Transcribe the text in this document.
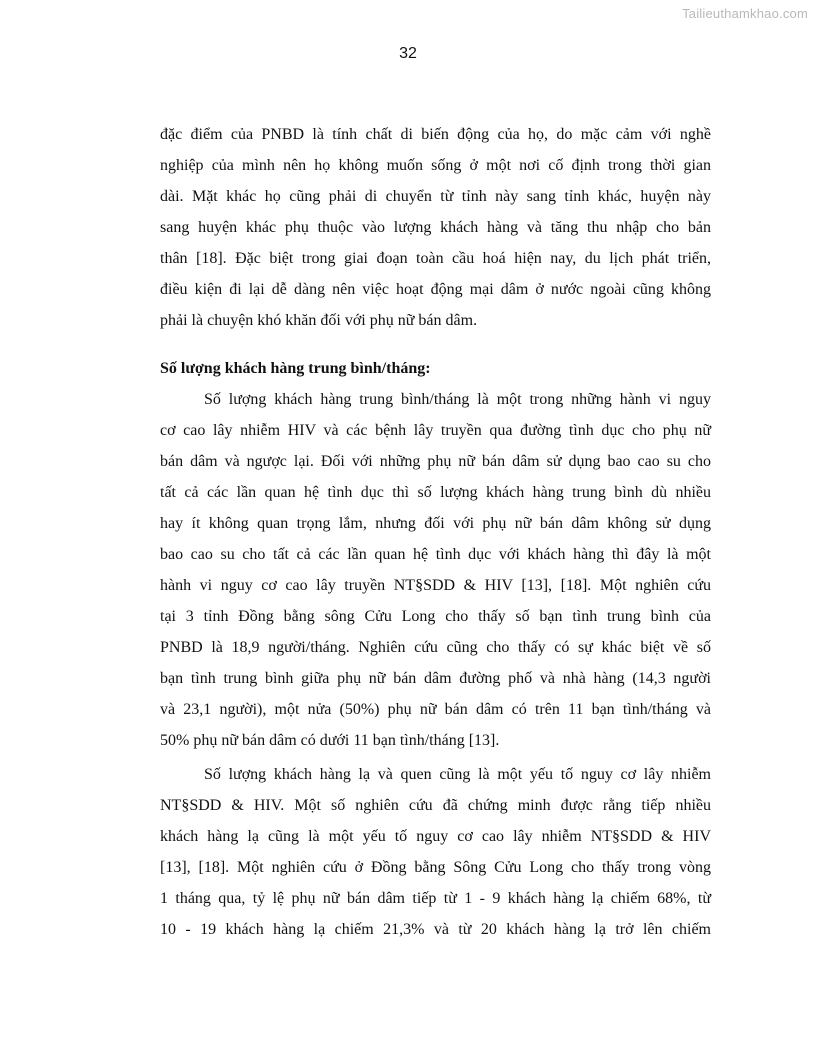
Tailieuthamkhao.com
32
đặc điểm của PNBD là tính chất di biến động của họ, do mặc cảm với nghề
nghiệp của mình nên họ không muốn sống ở một nơi cố định trong thời gian
dài. Mặt khác họ cũng phải di chuyển từ tỉnh này sang tỉnh khác, huyện này
sang huyện khác phụ thuộc vào lượng khách hàng và tăng thu nhập cho bản
thân [18]. Đặc biệt trong giai đoạn toàn cầu hoá hiện nay, du lịch phát triển,
điều kiện đi lại dễ dàng nên việc hoạt động mại dâm ở nước ngoài cũng không
phải là chuyện khó khăn đối với phụ nữ bán dâm.
Số lượng khách hàng trung bình/tháng:
Số lượng khách hàng trung bình/tháng là một trong những hành vi nguy
cơ cao lây nhiễm HIV và các bệnh lây truyền qua đường tình dục cho phụ nữ
bán dâm và ngược lại. Đối với những phụ nữ bán dâm sử dụng bao cao su cho
tất cả các lần quan hệ tình dục thì số lượng khách hàng trung bình dù nhiều
hay ít không quan trọng lắm, nhưng đối với phụ nữ bán dâm không sử dụng
bao cao su cho tất cả các lần quan hệ tình dục với khách hàng thì đây là một
hành vi nguy cơ cao lây truyền NT§SDD & HIV [13], [18]. Một nghiên cứu
tại 3 tỉnh Đồng bằng sông Cửu Long cho thấy số bạn tình trung bình của
PNBD là 18,9 người/tháng. Nghiên cứu cũng cho thấy có sự khác biệt về số
bạn tình trung bình giữa phụ nữ bán dâm đường phố và nhà hàng (14,3 người
và 23,1 người), một nửa (50%) phụ nữ bán dâm có trên 11 bạn tình/tháng và
50% phụ nữ bán dâm có dưới 11 bạn tình/tháng [13].
Số lượng khách hàng lạ và quen cũng là một yếu tố nguy cơ lây nhiễm
NT§SDD & HIV. Một số nghiên cứu đã chứng minh được rằng tiếp nhiều
khách hàng lạ cũng là một yếu tố nguy cơ cao lây nhiễm NT§SDD & HIV
[13], [18]. Một nghiên cứu ở Đồng bằng Sông Cửu Long cho thấy trong vòng
1 tháng qua, tỷ lệ phụ nữ bán dâm tiếp từ 1 - 9 khách hàng lạ chiếm 68%, từ
10 - 19 khách hàng lạ chiếm 21,3% và từ 20 khách hàng lạ trở lên chiếm
